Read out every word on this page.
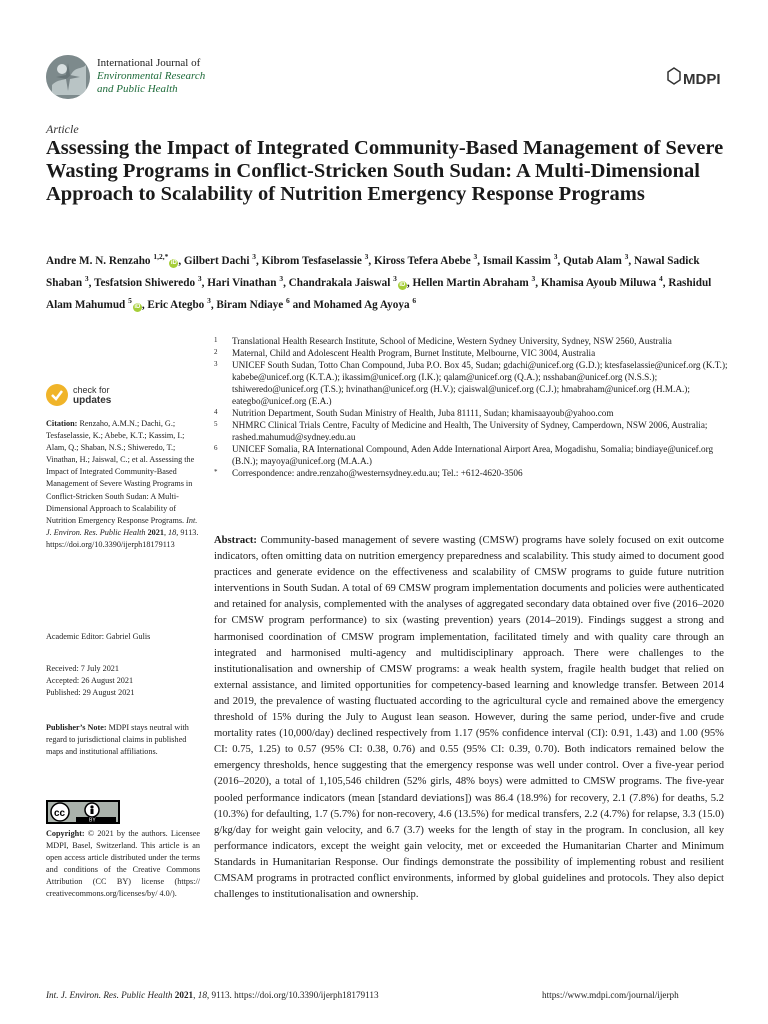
International Journal of
Environmental Research
and Public Health
MDPI
Article
Assessing the Impact of Integrated Community-Based Management of Severe Wasting Programs in Conflict-Stricken South Sudan: A Multi-Dimensional Approach to Scalability of Nutrition Emergency Response Programs
Andre M. N. Renzaho $^{1,2,*}$iD , Gilbert Dachi $^3$, Kibrom Tesfaselassie $^3$, Kiross Tefera Abebe $^3$, Ismail Kassim $^3$, Qutab Alam $^3$, Nawal Sadick Shaban $^3$, Tesfatsion Shiweredo $^3$, Hari Vinathan $^3$, Chandrakala Jaiswal $^3$iD , Hellen Martin Abraham $^3$, Khamisa Ayoub Miluwa $^4$, Rashidul Alam Mahumud $^5$iD , Eric Ategbo $^3$, Biram Ndiaye $^6$ and Mohamed Ag Ayoya $^6$
1	Translational Health Research Institute, School of Medicine, Western Sydney University, Sydney, NSW 2560, Australia
2	Maternal, Child and Adolescent Health Program, Burnet Institute, Melbourne, VIC 3004, Australia
3	UNICEF South Sudan, Totto Chan Compound, Juba P.O. Box 45, Sudan; gdachi@unicef.org (G.D.); ktesfaselassie@unicef.org (K.T.); kabebe@unicef.org (K.T.A.); ikassim@unicef.org (I.K.); qalam@unicef.org (Q.A.); nsshaban@unicef.org (N.S.S.); tshiweredo@unicef.org (T.S.); hvinathan@unicef.org (H.V.); cjaiswal@unicef.org (C.J.); hmabraham@unicef.org (H.M.A.); eategbo@unicef.org (E.A.)
4	Nutrition Department, South Sudan Ministry of Health, Juba 81111, Sudan; khamisaayoub@yahoo.com
5	NHMRC Clinical Trials Centre, Faculty of Medicine and Health, The University of Sydney, Camperdown, NSW 2006, Australia; rashed.mahumud@sydney.edu.au
6	UNICEF Somalia, RA International Compound, Aden Adde International Airport Area, Mogadishu, Somalia; bindiaye@unicef.org (B.N.); mayoya@unicef.org (M.A.A.)
*	Correspondence: andre.renzaho@westernsydney.edu.au; Tel.: +612-4620-3506
check for
updates
Citation: Renzaho, A.M.N.; Dachi, G.; Tesfaselassie, K.; Abebe, K.T.; Kassim, I.; Alam, Q.; Shaban, N.S.; Shiweredo, T.; Vinathan, H.; Jaiswal, C.; et al. Assessing the Impact of Integrated Community-Based Management of Severe Wasting Programs in Conflict-Stricken South Sudan: A Multi-Dimensional Approach to Scalability of Nutrition Emergency Response Programs. Int. J. Environ. Res. Public Health 2021, 18, 9113. https://doi.org/10.3390/ijerph18179113
Academic Editor: Gabriel Gulis
Received: 7 July 2021
Accepted: 26 August 2021
Published: 29 August 2021
Publisher’s Note: MDPI stays neutral with regard to jurisdictional claims in published maps and institutional affiliations.
cc
BY
Copyright: © 2021 by the authors. Licensee MDPI, Basel, Switzerland. This article is an open access article distributed under the terms and conditions of the Creative Commons Attribution (CC BY) license (https:// creativecommons.org/licenses/by/ 4.0/).

Abstract: Community-based management of severe wasting (CMSW) programs have solely focused on exit outcome indicators, often omitting data on nutrition emergency preparedness and scalability. This study aimed to document good practices and generate evidence on the effectiveness and scalability of CMSW programs to guide future nutrition interventions in South Sudan. A total of 69 CMSW program implementation documents and policies were authenticated and retained for analysis, complemented with the analyses of aggregated secondary data obtained over five (2016–2020 for CMSW program performance) to six (wasting prevention) years (2014–2019). Findings suggest a strong and harmonised coordination of CMSW program implementation, facilitated timely and with quality care through an integrated and harmonised multi-agency and multidisciplinary approach. There were challenges to the institutionalisation and ownership of CMSW programs: a weak health system, fragile health budget that relied on external assistance, and limited opportunities for competency-based learning and knowledge transfer. Between 2014 and 2019, the prevalence of wasting fluctuated according to the agricultural cycle and remained above the emergency threshold of 15% during the July to August lean season. However, during the same period, under-five and crude mortality rates (10,000/day) declined respectively from 1.17 (95% confidence interval (CI): 0.91, 1.43) and 1.00 (95% CI: 0.75, 1.25) to 0.57 (95% CI: 0.38, 0.76) and 0.55 (95% CI: 0.39, 0.70). Both indicators remained below the emergency thresholds, hence suggesting that the emergency response was well under control. Over a five-year period (2016–2020), a total of 1,105,546 children (52% girls, 48% boys) were admitted to CMSW programs. The five-year pooled performance indicators (mean [standard deviations]) was 86.4 (18.9%) for recovery, 2.1 (7.8%) for deaths, 5.2 (10.3%) for defaulting, 1.7 (5.7%) for non-recovery, 4.6 (13.5%) for medical transfers, 2.2 (4.7%) for relapse, 3.3 (15.0) g/kg/day for weight gain velocity, and 6.7 (3.7) weeks for the length of stay in the program. In conclusion, all key performance indicators, except the weight gain velocity, met or exceeded the Humanitarian Charter and Minimum Standards in Humanitarian Response. Our findings demonstrate the possibility of implementing robust and resilient CMSAM programs in protracted conflict environments, informed by global guidelines and protocols. They also depict challenges to institutionalisation and ownership.

Int. J. Environ. Res. Public Health 2021, 18, 9113. https://doi.org/10.3390/ijerph18179113	https://www.mdpi.com/journal/ijerph
